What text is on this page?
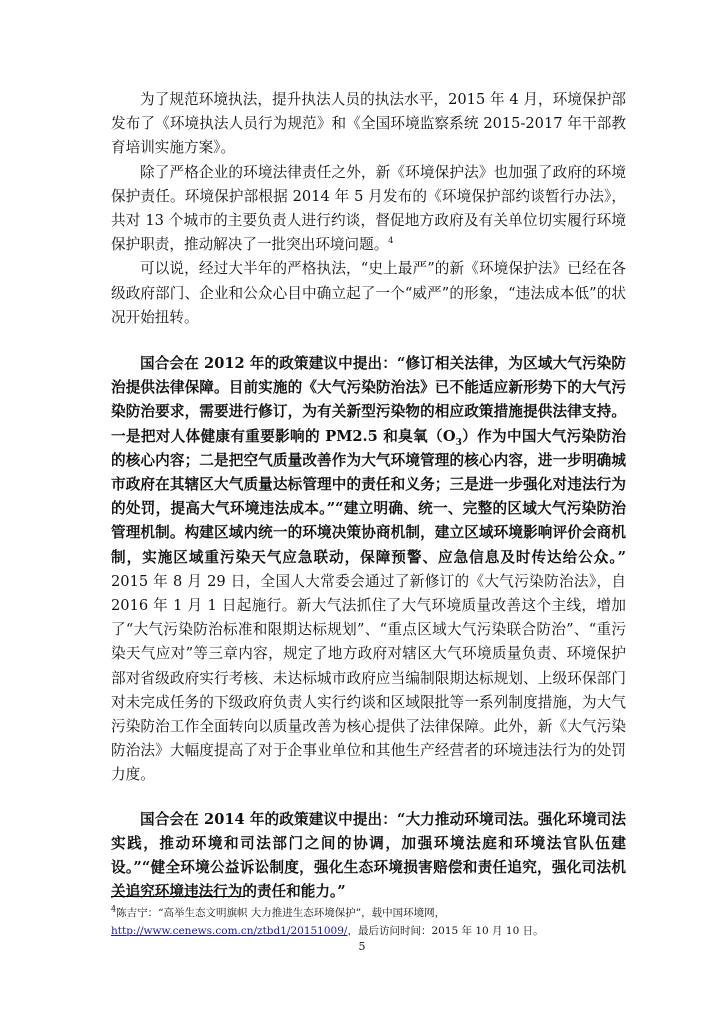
为了规范环境执法，提升执法人员的执法水平，2015 年 4 月，环境保护部发布了《环境执法人员行为规范》和《全国环境监察系统 2015-2017 年干部教育培训实施方案》。

除了严格企业的环境法律责任之外，新《环境保护法》也加强了政府的环境保护责任。环境保护部根据 2014 年 5 月发布的《环境保护部约谈暂行办法》，共对 13 个城市的主要负责人进行约谈，督促地方政府及有关单位切实履行环境保护职责，推动解决了一批突出环境问题。$^4$

可以说，经过大半年的严格执法，“史上最严”的新《环境保护法》已经在各级政府部门、企业和公众心目中确立起了一个“威严”的形象，“违法成本低”的状况开始扭转。

国合会在 2012 年的政策建议中提出：“修订相关法律，为区域大气污染防治提供法律保障。目前实施的《大气污染防治法》已不能适应新形势下的大气污染防治要求，需要进行修订，为有关新型污染物的相应政策措施提供法律支持。一是把对人体健康有重要影响的 PM2.5 和臭氧$(O_3)$作为中国大气污染防治的核心内容；二是把空气质量改善作为大气环境管理的核心内容，进一步明确城市政府在其辖区大气质量达标管理中的责任和义务；三是进一步强化对违法行为的处罚，提高大气环境违法成本。”“建立明确、统一、完整的区域大气污染防治管理机制。构建区域内统一的环境决策协商机制，建立区域环境影响评价会商机制，实施区域重污染天气应急联动，保障预警、应急信息及时传达给公众。” 2015 年 8 月 29 日，全国人大常委会通过了新修订的《大气污染防治法》，自 2016 年 1 月 1 日起施行。新大气法抓住了大气环境质量改善这个主线，增加了“大气污染防治标准和限期达标规划”、“重点区域大气污染联合防治”、“重污染天气应对”等三章内容，规定了地方政府对辖区大气环境质量负责、环境保护部对省级政府实行考核、未达标城市政府应当编制限期达标规划、上级环保部门对未完成任务的下级政府负责人实行约谈和区域限批等一系列制度措施，为大气污染防治工作全面转向以质量改善为核心提供了法律保障。此外，新《大气污染防治法》大幅度提高了对于企事业单位和其他生产经营者的环境违法行为的处罚力度。

国合会在 2014 年的政策建议中提出：“大力推动环境司法。强化环境司法实践，推动环境和司法部门之间的协调，加强环境法庭和环境法官队伍建设。”“健全环境公益诉讼制度，强化生态环境损害赔偿和责任追究，强化司法机关追究环境违法行为的责任和能力。”

$^4$陈吉宁：“高举生态文明旗帜 大力推进生态环境保护”，载中国环境网，
http://www.cenews.com.cn/ztbd1/20151009/，最后访问时间：2015 年 10 月 10 日。
5
